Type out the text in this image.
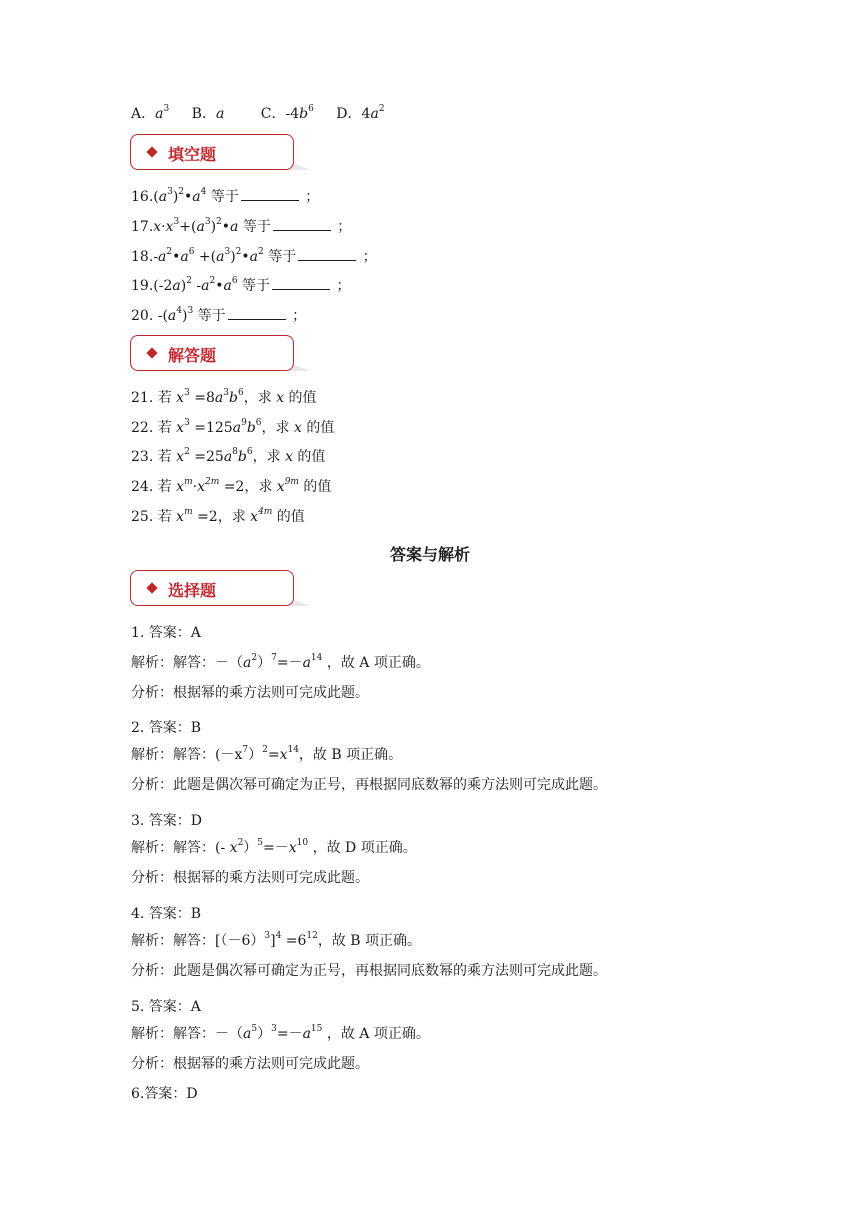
A．$a^3$ B．a	C．$-4b^6$ D．$4a^2$
填空题
$16.(a^3)^2•a^4$ 等于	；
$17.x\cdot x^3+(a^3)^2•a$ 等于	；
$18.-a^2•a^6$ $+(a^3)^2•a^2$ 等于	；
$19.(-2a)^2$ $-a^2•a^6$ 等于	；
20. $-(a^4)^3$ 等于	；
解答题
21. 若 $x^3 =8a^3b^6$，求 x 的值
22. 若 $x^3 =125a^9b^6$，求 x 的值
23. 若 $x^2 =25a^8b^6$，求 x 的值
24. 若 $x^m\cdot x^{2m} =2$，求 $x^{9m}$ 的值
25. 若 $x^m =2$，求 $x^{4m}$ 的值
答案与解析
选择题
1. 答案：A
解析：解答：$-(a^2)^7=-a^{14}$ ，故 A 项正确。
分析：根据幂的乘方法则可完成此题。
2. 答案：B
解析：解答：$(-x^7)^2=x^{14}$，故 B 项正确。
分析：此题是偶次幂可确定为正号，再根据同底数幂的乘方法则可完成此题。
3. 答案：D
解析：解答：(- $x^2)^5=-x^{10}$ ，故 D 项正确。
分析：根据幂的乘方法则可完成此题。
4. 答案：B
解析：解答：$[(-6)^3]^4 =6^{12}$，故 B 项正确。
分析：此题是偶次幂可确定为正号，再根据同底数幂的乘方法则可完成此题。
5. 答案：A
解析：解答：$-(a^5)^3=-a^{15}$ ，故 A 项正确。
分析：根据幂的乘方法则可完成此题。
6.答案：D
